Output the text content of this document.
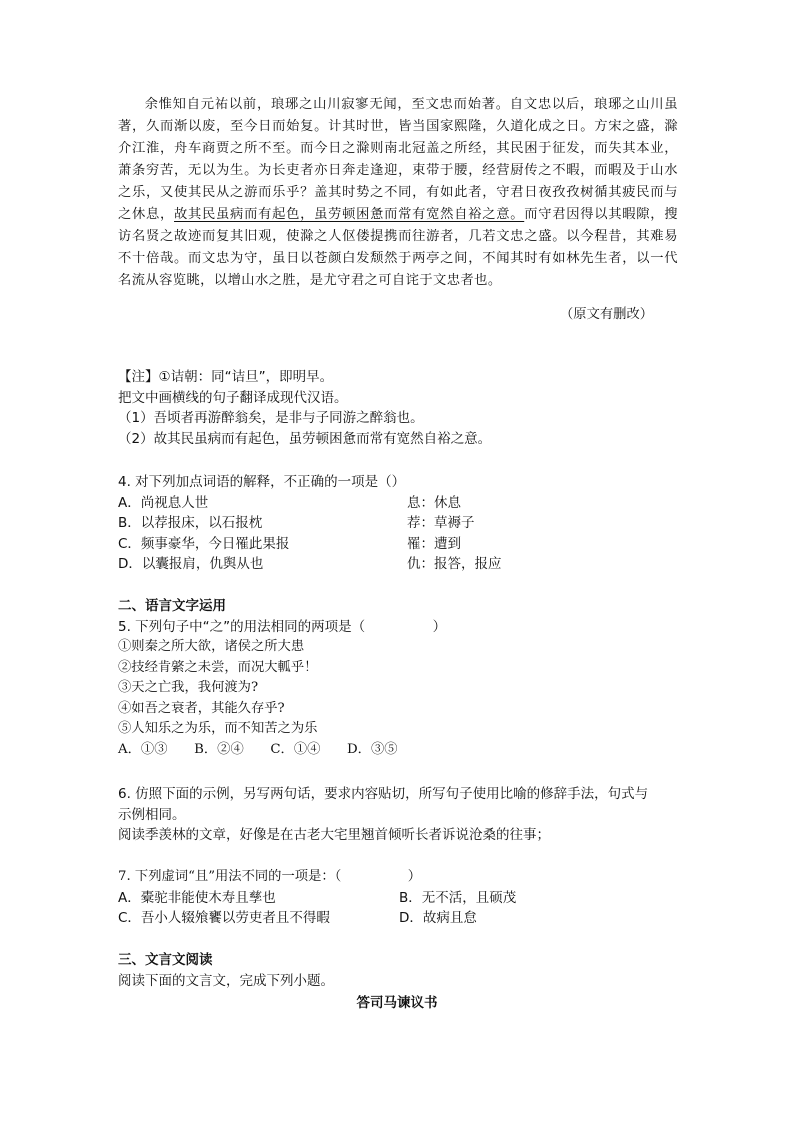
余惟知自元祐以前，琅琊之山川寂寥无闻，至文忠而始著。自文忠以后，琅琊之山川虽著，久而渐以废，至今日而始复。计其时世，皆当国家熙隆，久道化成之日。方宋之盛，滁介江淮，舟车商贾之所不至。而今日之滁则南北冠盖之所经，其民困于征发，而失其本业，萧条穷苦，无以为生。为长吏者亦日奔走逢迎，束带于腰，经营厨传之不暇，而暇及于山水之乐，又使其民从之游而乐乎？盖其时势之不同，有如此者，守君日夜孜孜树循其疲民而与之休息，故其民虽病而有起色，虽劳顿困惫而常有宽然自裕之意。而守君因得以其暇隙，搜访名贤之故迹而复其旧观，使滁之人伛偻提携而往游者，几若文忠之盛。以今程昔，其难易不十倍哉。而文忠为守，虽日以苍颜白发颓然于两亭之间，不闻其时有如林先生者，以一代名流从容览眺，以增山水之胜，是尤守君之可自诧于文忠者也。

（原文有删改）
【注】①诘朝：同“诘旦”，即明早。
把文中画横线的句子翻译成现代汉语。
（1）吾顷者再游醉翁矣，是非与子同游之醉翁也。
（2）故其民虽病而有起色，虽劳顿困惫而常有宽然自裕之意。
4. 对下列加点词语的解释，不正确的一项是（）
A．尚视息人世	息：休息
B．以荐报床，以石报枕	荐：草褥子
C．频事豪华，今日罹此果报	罹：遭到
D．以囊报肩，仇舆从也	仇：报答，报应
二、语言文字运用
5. 下列句子中“之”的用法相同的两项是（　　　　　）
①则秦之所大欲，诸侯之所大患
②技经肯綮之未尝，而况大軱乎！
③天之亡我，我何渡为?
④如吾之衰者，其能久存乎?
⑤人知乐之为乐，而不知苦之为乐
A．①③　　B．②④　　C．①④　　D．③⑤
6. 仿照下面的示例，另写两句话，要求内容贴切，所写句子使用比喻的修辞手法，句式与
示例相同。
阅读季羡林的文章，好像是在古老大宅里翘首倾听长者诉说沧桑的往事；
7. 下列虚词“且”用法不同的一项是：（　　　　　）
A．橐驼非能使木寿且孳也	B．无不活，且硕茂
C．吾小人辍飧饔以劳吏者且不得暇	D．故病且怠
三、文言文阅读
阅读下面的文言文，完成下列小题。
答司马谏议书
